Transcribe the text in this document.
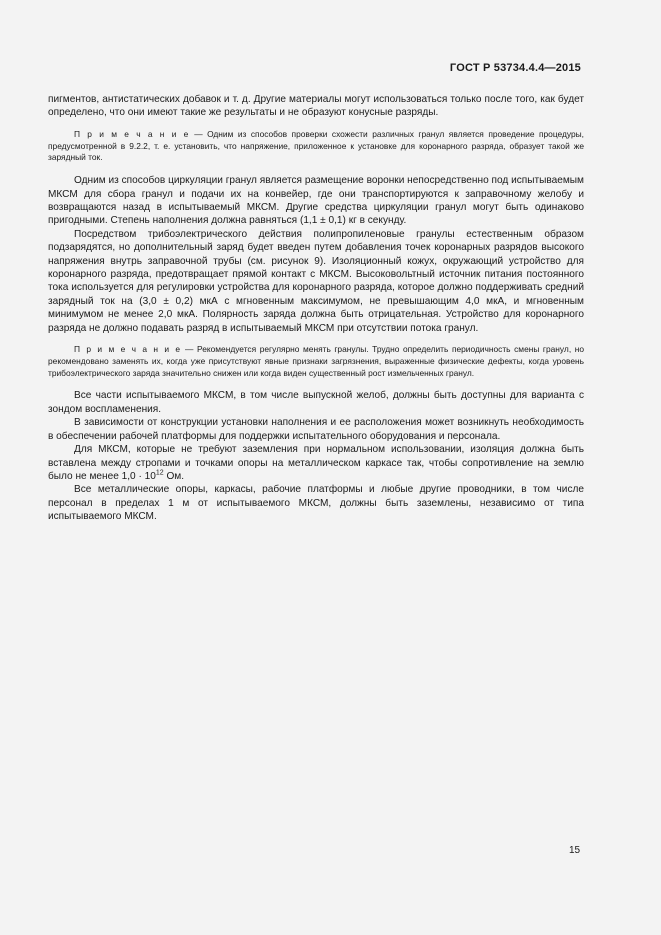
ГОСТ Р 53734.4.4—2015

пигментов, антистатических добавок и т. д. Другие материалы могут использоваться только после того, как будет определено, что они имеют такие же результаты и не образуют конусные разряды.

П р и м е ч а н и е — Одним из способов проверки схожести различных гранул является проведение процедуры, предусмотренной в 9.2.2, т. е. установить, что напряжение, приложенное к установке для коронарного разряда, образует такой же зарядный ток.

Одним из способов циркуляции гранул является размещение воронки непосредственно под испытываемым МКСМ для сбора гранул и подачи их на конвейер, где они транспортируются к заправочному желобу и возвращаются назад в испытываемый МКСМ. Другие средства циркуляции гранул могут быть одинаково пригодными. Степень наполнения должна равняться (1,1 ± 0,1) кг в секунду.

Посредством трибоэлектрического действия полипропиленовые гранулы естественным образом подзарядятся, но дополнительный заряд будет введен путем добавления точек коронарных разрядов высокого напряжения внутрь заправочной трубы (см. рисунок 9). Изоляционный кожух, окружающий устройство для коронарного разряда, предотвращает прямой контакт с МКСМ. Высоковольтный источник питания постоянного тока используется для регулировки устройства для коронарного разряда, которое должно поддерживать средний зарядный ток на (3,0 ± 0,2) мкА с мгновенным максимумом, не превышающим 4,0 мкА, и мгновенным минимумом не менее 2,0 мкА. Полярность заряда должна быть отрицательная. Устройство для коронарного разряда не должно подавать разряд в испытываемый МКСМ при отсутствии потока гранул.

П р и м е ч а н и е — Рекомендуется регулярно менять гранулы. Трудно определить периодичность смены гранул, но рекомендовано заменять их, когда уже присутствуют явные признаки загрязнения, выраженные физические дефекты, когда уровень трибоэлектрического заряда значительно снижен или когда виден существенный рост измельченных гранул.

Все части испытываемого МКСМ, в том числе выпускной желоб, должны быть доступны для варианта с зондом воспламенения.

В зависимости от конструкции установки наполнения и ее расположения может возникнуть необходимость в обеспечении рабочей платформы для поддержки испытательного оборудования и персонала.

Для МКСМ, которые не требуют заземления при нормальном использовании, изоляция должна быть вставлена между стропами и точками опоры на металлическом каркасе так, чтобы сопротивление на землю было не менее $1,0 \cdot 10^{12}$ Ом.

Все металлические опоры, каркасы, рабочие платформы и любые другие проводники, в том числе персонал в пределах 1 м от испытываемого МКСМ, должны быть заземлены, независимо от типа испытываемого МКСМ.

15
